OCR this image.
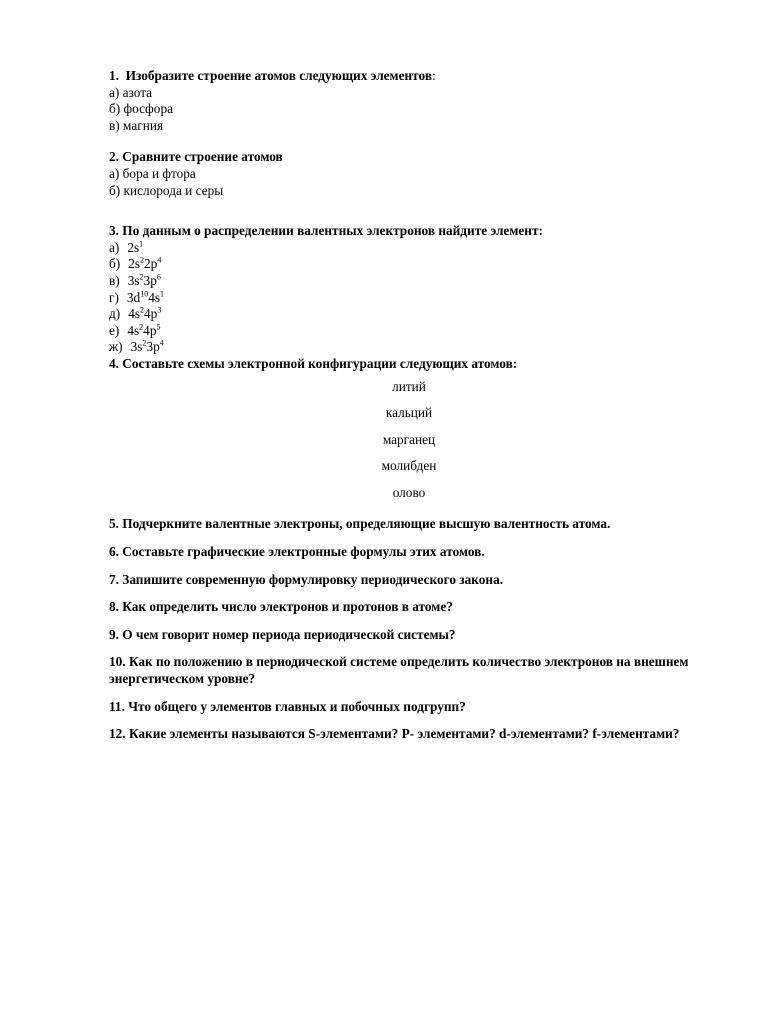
1. Изобразите строение атомов следующих элементов:

а) азота

б) фосфора

в) магния

2. Сравните строение атомов

а) бора и фтора

б) кислорода и серы

3. По данным о распределении валентных электронов найдите элемент:

а) $2s^1$

б) $2s^22p^4$

в) $3s^23p^6$

г) $3d^{10}4s^1$

д) $4s^24p^3$

е) $4s^24p^5$

ж) $3s^23p^4$

4. Составьте схемы электронной конфигурации следующих атомов:

литий
кальций
марганец
молибден
олово

5. Подчеркните валентные электроны, определяющие высшую валентность атома.

6. Составьте графические электронные формулы этих атомов.

7. Запишите современную формулировку периодического закона.

8. Как определить число электронов и протонов в атоме?

9. О чем говорит номер периода периодической системы?

10. Как по положению в периодической системе определить количество электронов на внешнем энергетическом уровне?

11. Что общего у элементов главных и побочных подгрупп?

12. Какие элементы называются S-элементами? P- элементами? d-элементами? f-элементами?
